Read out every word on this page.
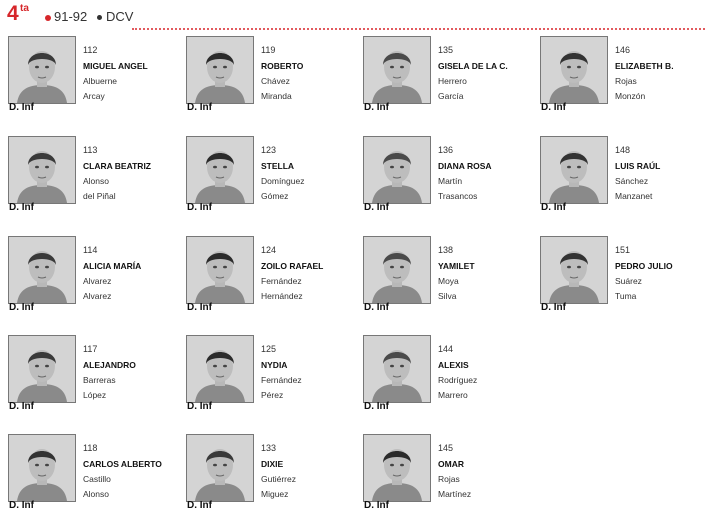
4 ta
91-92 DCV
112
MIGUEL ANGEL
Albuerne
Arcay
D. Inf
119
ROBERTO
Chávez
Miranda
D. Inf
135
GISELA DE LA C.
Herrero
García
D. Inf
146
ELIZABETH B.
Rojas
Monzón
D. Inf
113
CLARA BEATRIZ
Alonso
del Piñal
D. Inf
123
STELLA
Domínguez
Gómez
D. Inf
136
DIANA ROSA
Martín
Trasancos
D. Inf
148
LUIS RAÚL
Sánchez
Manzanet
D. Inf
114
ALICIA MARÍA
Alvarez
Alvarez
D. Inf
124
ZOILO RAFAEL
Fernández
Hernández
D. Inf
138
YAMILET
Moya
Silva
D. Inf
151
PEDRO JULIO
Suárez
Tuma
D. Inf
117
ALEJANDRO
Barreras
López
D. Inf
125
NYDIA
Fernández
Pérez
D. Inf
144
ALEXIS
Rodríguez
Marrero
D. Inf
118
CARLOS ALBERTO
Castillo
Alonso
D. Inf
133
DIXIE
Gutiérrez
Miguez
D. Inf
145
OMAR
Rojas
Martínez
D. Inf
